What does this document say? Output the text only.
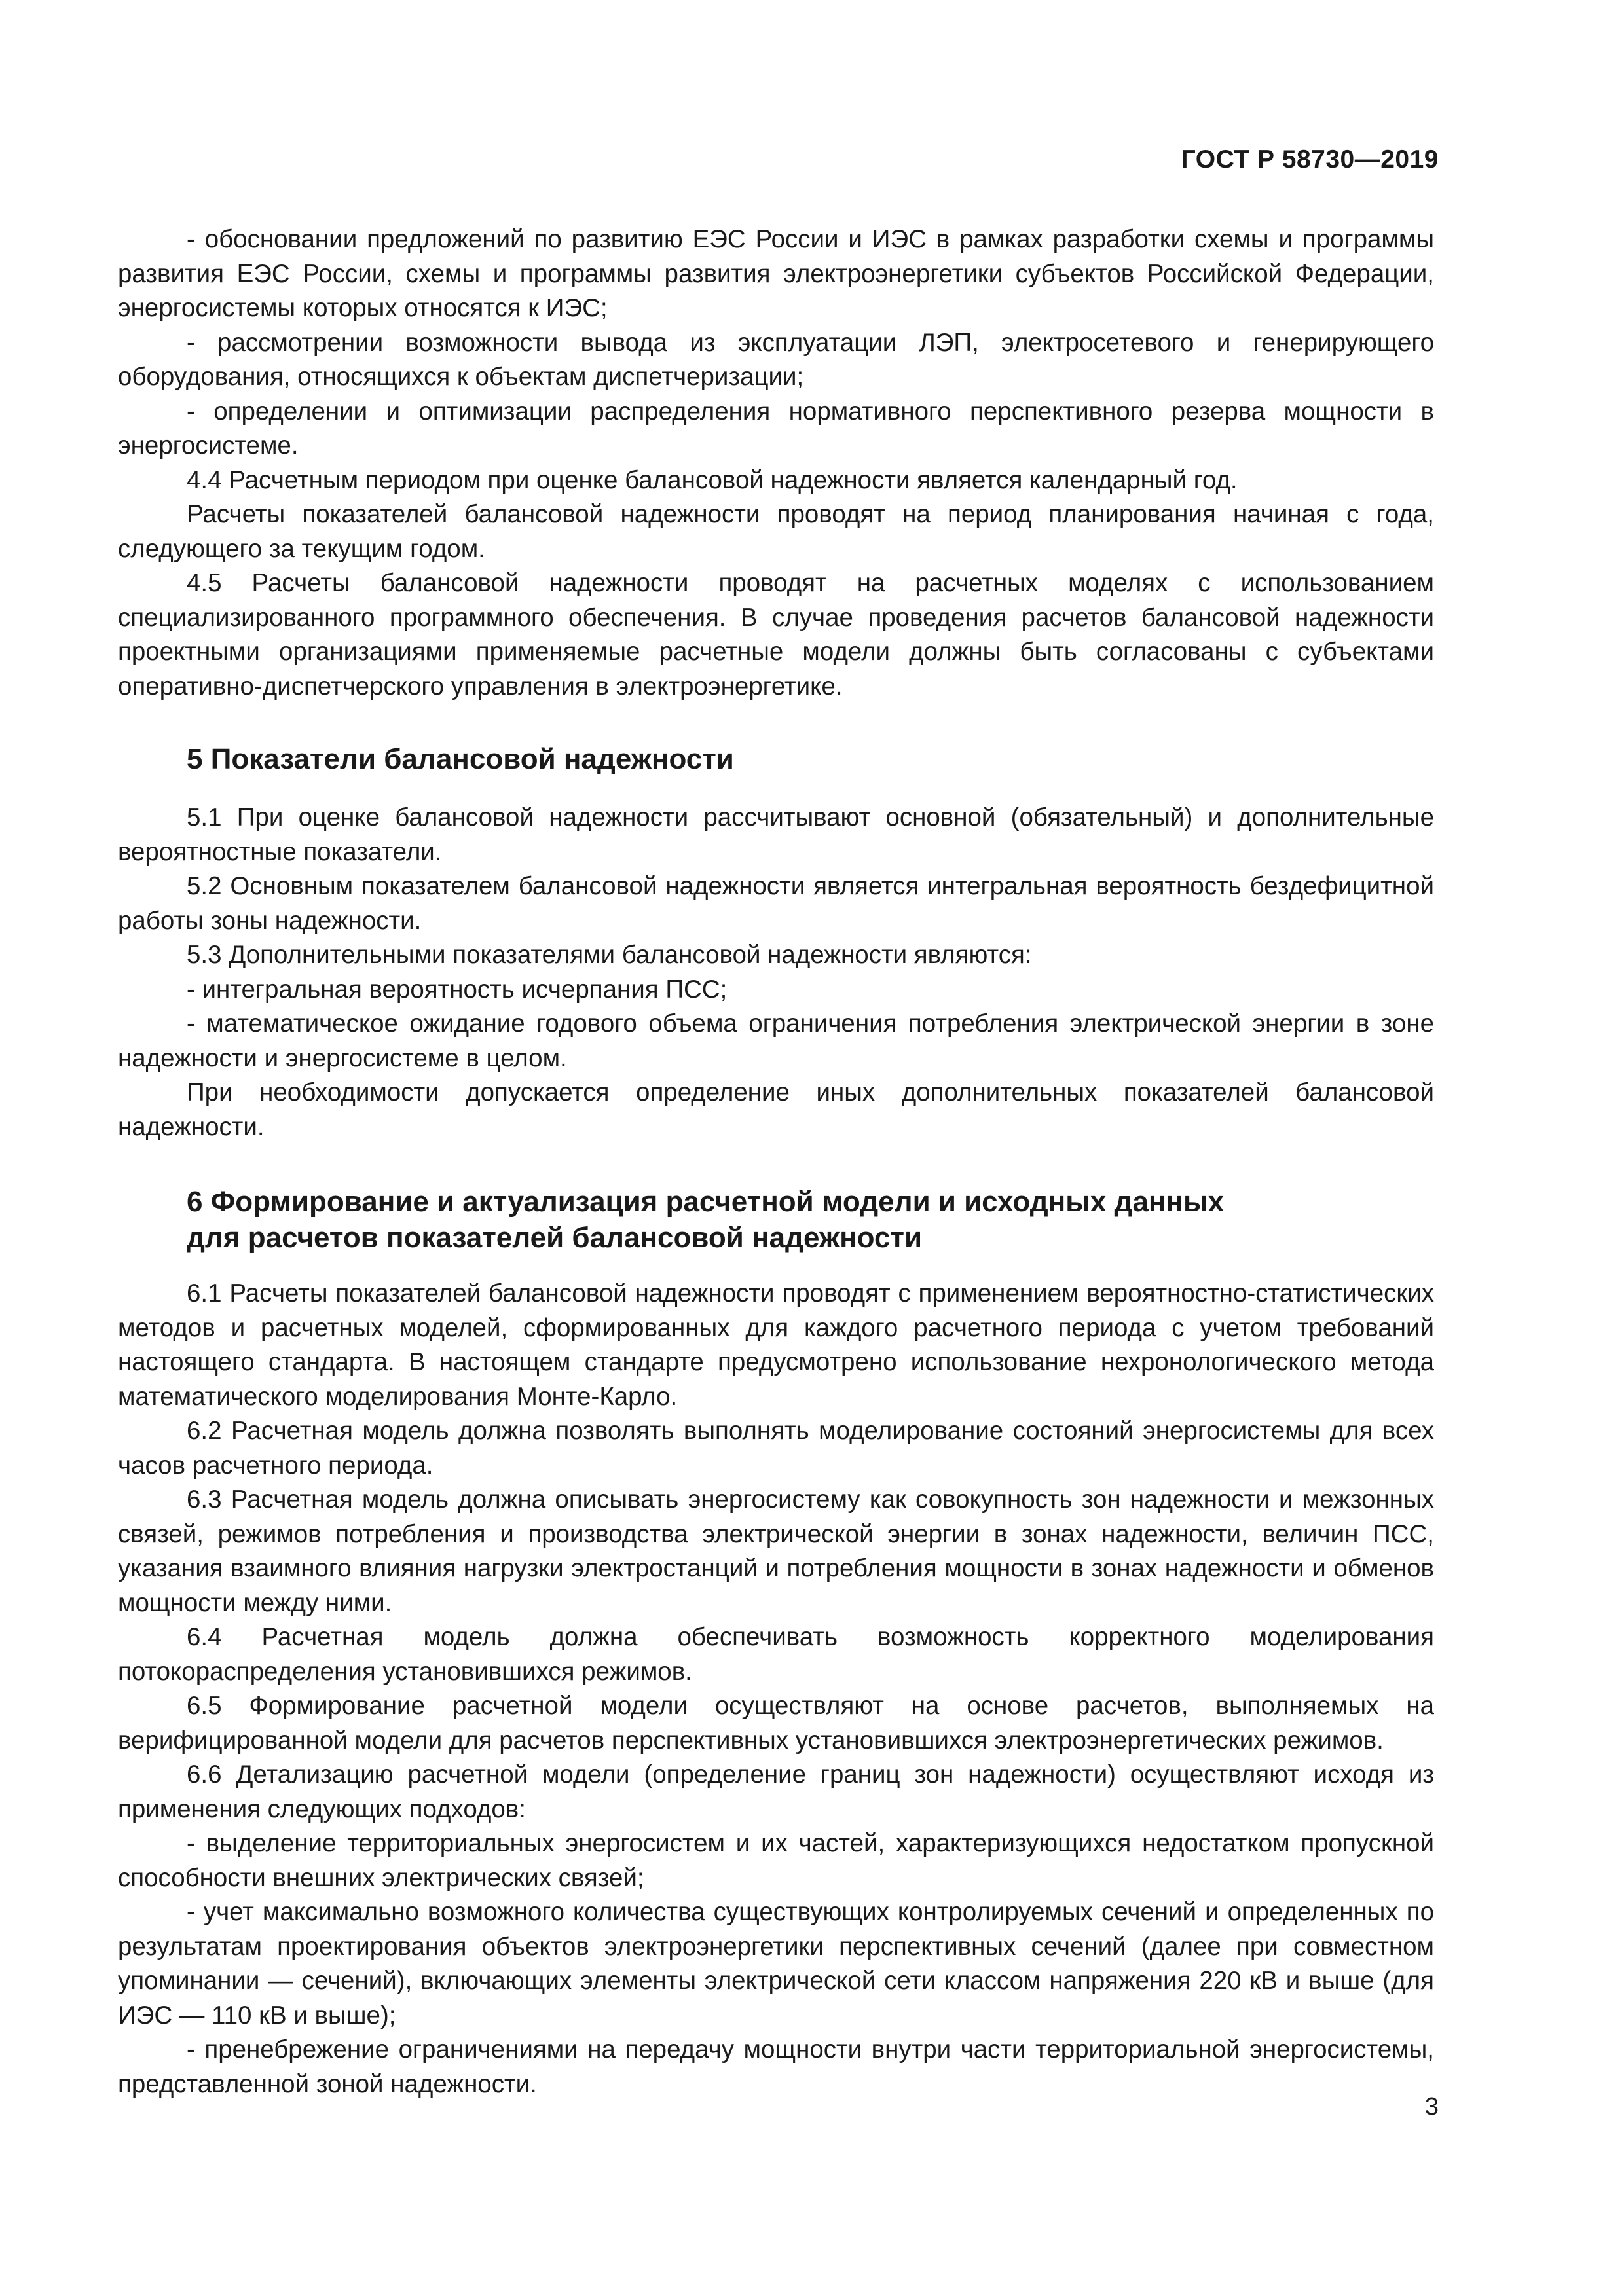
ГОСТ Р 58730—2019

- обосновании предложений по развитию ЕЭС России и ИЭС в рамках разработки схемы и программы развития ЕЭС России, схемы и программы развития электроэнергетики субъектов Российской Федерации, энергосистемы которых относятся к ИЭС;

- рассмотрении возможности вывода из эксплуатации ЛЭП, электросетевого и генерирующего оборудования, относящихся к объектам диспетчеризации;

- определении и оптимизации распределения нормативного перспективного резерва мощности в энергосистеме.

4.4 Расчетным периодом при оценке балансовой надежности является календарный год.

Расчеты показателей балансовой надежности проводят на период планирования начиная с года, следующего за текущим годом.

4.5 Расчеты балансовой надежности проводят на расчетных моделях с использованием специализированного программного обеспечения. В случае проведения расчетов балансовой надежности проектными организациями применяемые расчетные модели должны быть согласованы с субъектами оперативно-диспетчерского управления в электроэнергетике.

5 Показатели балансовой надежности

5.1 При оценке балансовой надежности рассчитывают основной (обязательный) и дополнительные вероятностные показатели.

5.2 Основным показателем балансовой надежности является интегральная вероятность бездефицитной работы зоны надежности.

5.3 Дополнительными показателями балансовой надежности являются:

- интегральная вероятность исчерпания ПСС;

- математическое ожидание годового объема ограничения потребления электрической энергии в зоне надежности и энергосистеме в целом.

При необходимости допускается определение иных дополнительных показателей балансовой надежности.

6 Формирование и актуализация расчетной модели и исходных данных
для расчетов показателей балансовой надежности

6.1 Расчеты показателей балансовой надежности проводят с применением вероятностно-статистических методов и расчетных моделей, сформированных для каждого расчетного периода с учетом требований настоящего стандарта. В настоящем стандарте предусмотрено использование нехронологического метода математического моделирования Монте-Карло.

6.2 Расчетная модель должна позволять выполнять моделирование состояний энергосистемы для всех часов расчетного периода.

6.3 Расчетная модель должна описывать энергосистему как совокупность зон надежности и межзонных связей, режимов потребления и производства электрической энергии в зонах надежности, величин ПСС, указания взаимного влияния нагрузки электростанций и потребления мощности в зонах надежности и обменов мощности между ними.

6.4 Расчетная модель должна обеспечивать возможность корректного моделирования потокораспределения установившихся режимов.

6.5 Формирование расчетной модели осуществляют на основе расчетов, выполняемых на верифицированной модели для расчетов перспективных установившихся электроэнергетических режимов.

6.6 Детализацию расчетной модели (определение границ зон надежности) осуществляют исходя из применения следующих подходов:

- выделение территориальных энергосистем и их частей, характеризующихся недостатком пропускной способности внешних электрических связей;

- учет максимально возможного количества существующих контролируемых сечений и определенных по результатам проектирования объектов электроэнергетики перспективных сечений (далее при совместном упоминании — сечений), включающих элементы электрической сети классом напряжения 220 кВ и выше (для ИЭС — 110 кВ и выше);

- пренебрежение ограничениями на передачу мощности внутри части территориальной энергосистемы, представленной зоной надежности.

3
